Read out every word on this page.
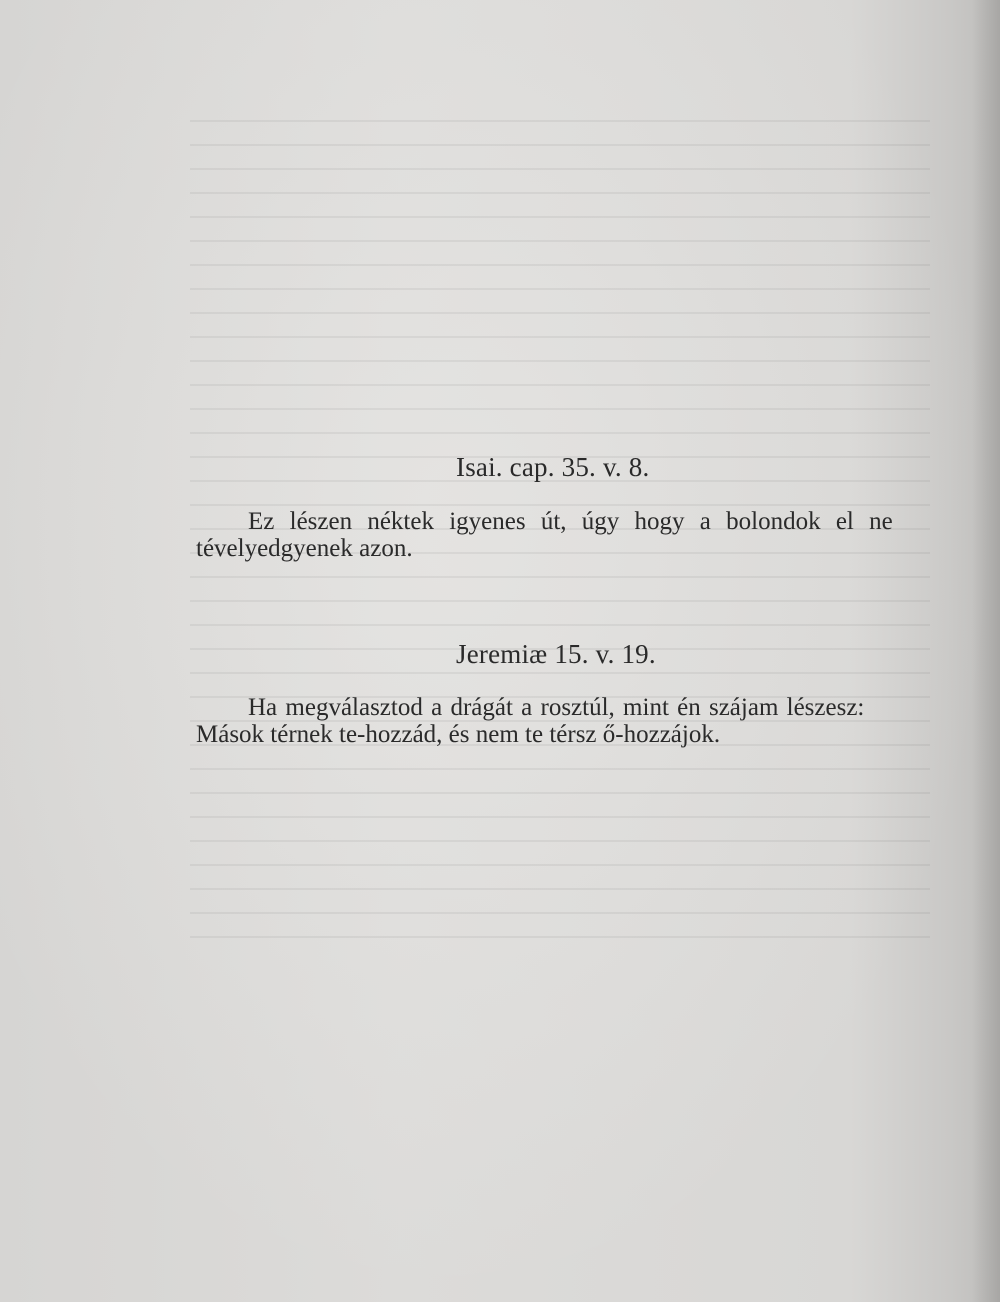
Isai. cap. 35. v. 8.
Ez lészen néktek igyenes út, úgy hogy a bolondok el ne
tévelyedgyenek azon.
Jeremiæ 15. v. 19.
Ha megválasztod a drágát a rosztúl, mint én szájam lészesz:
Mások térnek te-hozzád, és nem te térsz ő-hozzájok.
